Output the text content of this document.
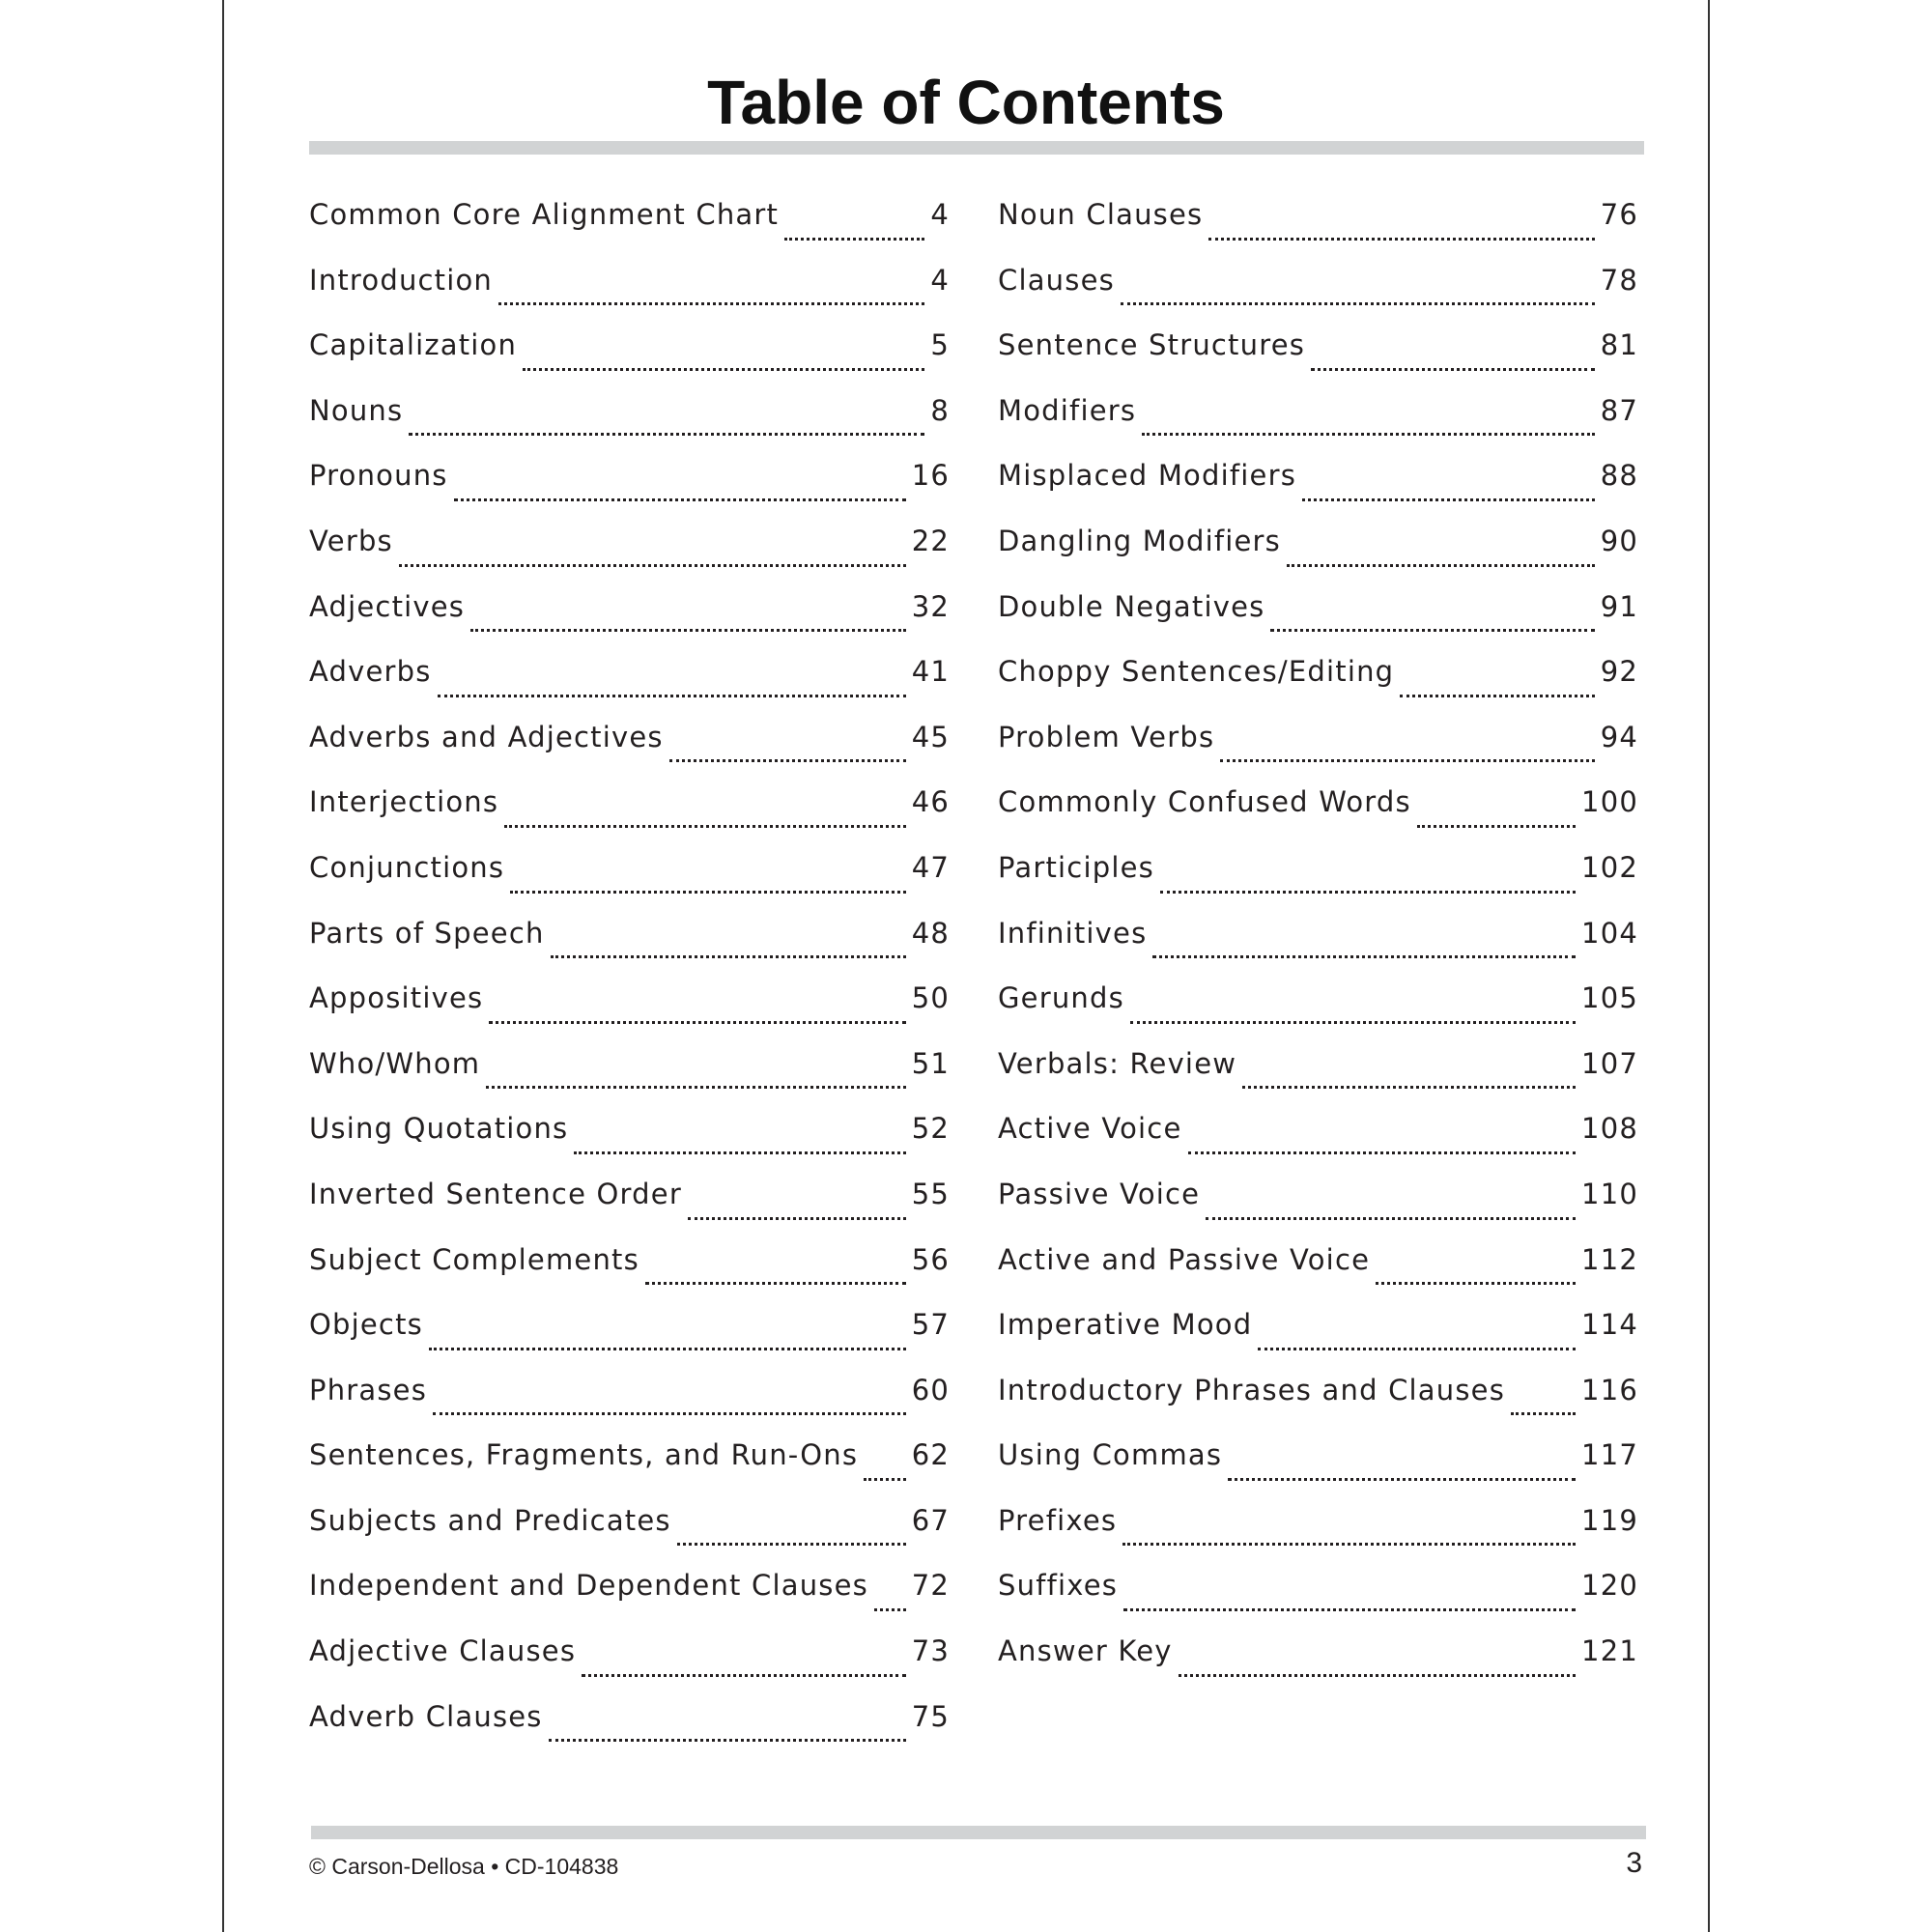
Table of Contents
Common Core Alignment Chart	4
Introduction	4
Capitalization	5
Nouns	8
Pronouns	16
Verbs	22
Adjectives	32
Adverbs	41
Adverbs and Adjectives	45
Interjections	46
Conjunctions	47
Parts of Speech	48
Appositives	50
Who/Whom	51
Using Quotations	52
Inverted Sentence Order	55
Subject Complements	56
Objects	57
Phrases	60
Sentences, Fragments, and Run-Ons 62
Subjects and Predicates	67
Independent and Dependent Clauses 72
Adjective Clauses	73
Adverb Clauses	75
Noun Clauses	76
Clauses	78
Sentence Structures	81
Modifiers	87
Misplaced Modifiers	88
Dangling Modifiers	90
Double Negatives	91
Choppy Sentences/Editing	92
Problem Verbs	94
Commonly Confused Words	100
Participles	102
Infinitives	104
Gerunds	105
Verbals: Review	107
Active Voice	108
Passive Voice	110
Active and Passive Voice	112
Imperative Mood	114
Introductory Phrases and Clauses	116
Using Commas	117
Prefixes	119
Suffixes	120
Answer Key	121
© Carson-Dellosa • CD-104838	3
